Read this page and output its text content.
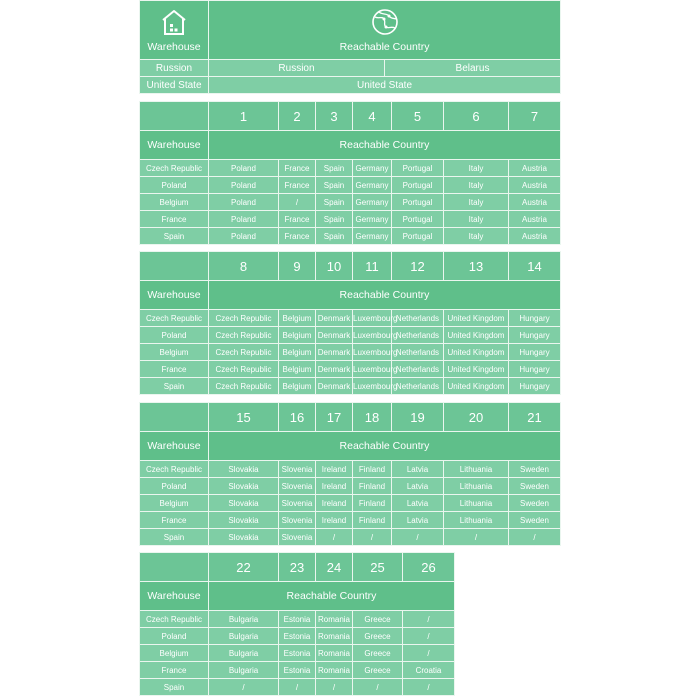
Warehouse	Reachable Country	

Russion	Russion	Belarus
United State	United State	
	1	2	3	4	5	6	7
Warehouse	Reachable Country						
Czech Republic	Poland	France	Spain	Germany	Portugal	Italy	Austria
Poland	Poland	France	Spain	Germany	Portugal	Italy	Austria
Belgium	Poland	/	Spain	Germany	Portugal	Italy	Austria
France	Poland	France	Spain	Germany	Portugal	Italy	Austria
Spain	Poland	France	Spain	Germany	Portugal	Italy	Austria
	8	9	10	11	12	13	14
Warehouse	Reachable Country						
Czech Republic	Czech Republic	Belgium	Denmark	Luxembourg	Netherlands	United Kingdom	Hungary
Poland	Czech Republic	Belgium	Denmark	Luxembourg	Netherlands	United Kingdom	Hungary
Belgium	Czech Republic	Belgium	Denmark	Luxembourg	Netherlands	United Kingdom	Hungary
France	Czech Republic	Belgium	Denmark	Luxembourg	Netherlands	United Kingdom	Hungary
Spain	Czech Republic	Belgium	Denmark	Luxembourg	Netherlands	United Kingdom	Hungary
	15	16	17	18	19	20	21
Warehouse	Reachable Country						
Czech Republic	Slovakia	Slovenia	Ireland	Finland	Latvia	Lithuania	Sweden
Poland	Slovakia	Slovenia	Ireland	Finland	Latvia	Lithuania	Sweden
Belgium	Slovakia	Slovenia	Ireland	Finland	Latvia	Lithuania	Sweden
France	Slovakia	Slovenia	Ireland	Finland	Latvia	Lithuania	Sweden
Spain	Slovakia	Slovenia	/	/	/	/	/
	22	23	24	25	26
Warehouse	Reachable Country				
Czech Republic	Bulgaria	Estonia	Romania	Greece	/
Poland	Bulgaria	Estonia	Romania	Greece	/
Belgium	Bulgaria	Estonia	Romania	Greece	/
France	Bulgaria	Estonia	Romania	Greece	Croatia
Spain	/	/	/	/	/
